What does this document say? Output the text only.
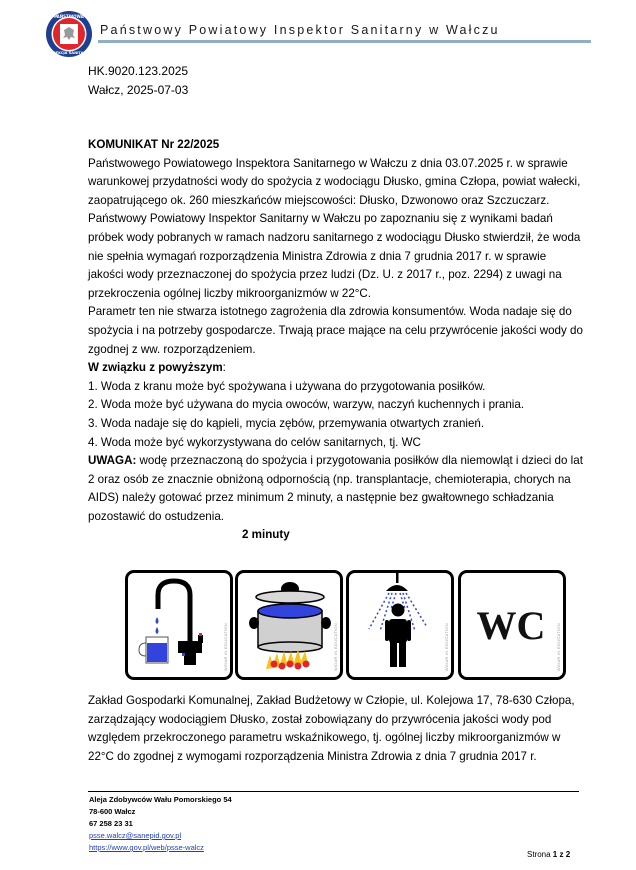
PAŃSTWOWA
INSPEKCJA SANITARNA
Państwowy Powiatowy Inspektor Sanitarny w Wałczu
HK.9020.123.2025
Wałcz, 2025-07-03

KOMUNIKAT Nr 22/2025

Państwowego Powiatowego Inspektora Sanitarnego w Wałczu z dnia 03.07.2025 r. w sprawie warunkowej przydatności wody do spożycia z wodociągu Dłusko, gmina Człopa, powiat wałecki, zaopatrującego ok. 260 mieszkańców miejscowości: Dłusko, Dzwonowo oraz Szczuczarz.

Państwowy Powiatowy Inspektor Sanitarny w Wałczu po zapoznaniu się z wynikami badań próbek wody pobranych w ramach nadzoru sanitarnego z wodociągu Dłusko stwierdził, że woda nie spełnia wymagań rozporządzenia Ministra Zdrowia z dnia 7 grudnia 2017 r. w sprawie jakości wody przeznaczonej do spożycia przez ludzi (Dz. U. z 2017 r., poz. 2294) z uwagi na przekroczenia ogólnej liczby mikroorganizmów w 22°C.

Parametr ten nie stwarza istotnego zagrożenia dla zdrowia konsumentów. Woda nadaje się do spożycia i na potrzeby gospodarcze. Trwają prace mające na celu przywrócenie jakości wody do zgodnej z ww. rozporządzeniem.

W związku z powyższym:

1. Woda z kranu może być spożywana i używana do przygotowania posiłków.

2. Woda może być używana do mycia owoców, warzyw, naczyń kuchennych i prania.

3. Woda nadaje się do kąpieli, mycia zębów, przemywania otwartych zranień.

4. Woda może być wykorzystywana do celów sanitarnych, tj. WC

UWAGA: wodę przeznaczoną do spożycia i przygotowania posiłków dla niemowląt i dzieci do lat 2 oraz osób ze znacznie obniżoną odpornością (np. transplantacje, chemioterapia, chorych na AIDS) należy gotować przez minimum 2 minuty, a następnie bez gwałtownego schładzania pozostawić do ostudzenia.

2 minuty

WIDAR IN EDUCATION	WIDAR IN EDUCATION	WIDAR IN EDUCATION WC	WIDAR IN EDUCATION

Zakład Gospodarki Komunalnej, Zakład Budżetowy w Człopie, ul. Kolejowa 17, 78-630 Człopa, zarządzający wodociągiem Dłusko, został zobowiązany do przywrócenia jakości wody pod względem przekroczonego parametru wskaźnikowego, tj. ogólnej liczby mikroorganizmów w 22°C do zgodnej z wymogami rozporządzenia Ministra Zdrowia z dnia 7 grudnia 2017 r.

Aleja Zdobywców Wału Pomorskiego 54
78-600 Wałcz
67 258 23 31
psse.walcz@sanepid.gov.pl
https://www.gov.pl/web/psse-walcz
Strona 1 z 2
